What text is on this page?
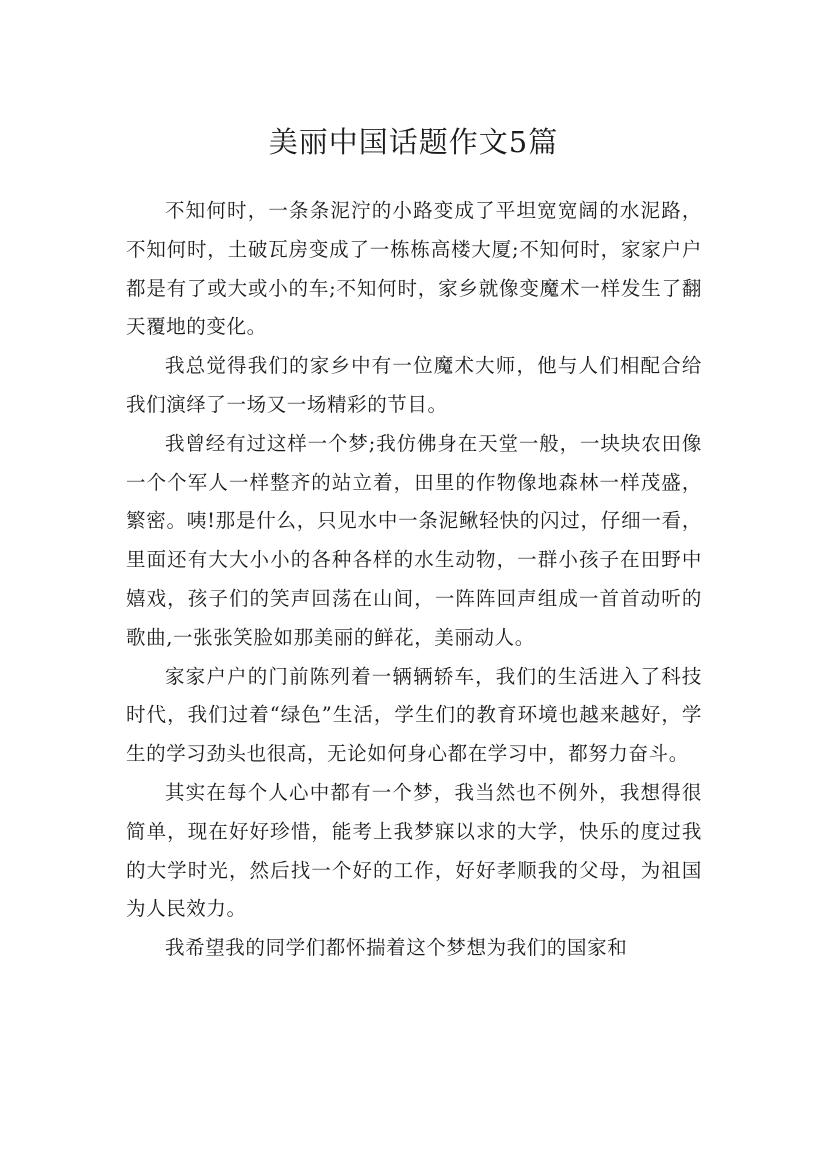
美丽中国话题作文5篇

不知何时，一条条泥泞的小路变成了平坦宽宽阔的水泥路，不知何时，土破瓦房变成了一栋栋高楼大厦;不知何时，家家户户都是有了或大或小的车;不知何时，家乡就像变魔术一样发生了翻天覆地的变化。

我总觉得我们的家乡中有一位魔术大师，他与人们相配合给我们演绎了一场又一场精彩的节目。

我曾经有过这样一个梦;我仿佛身在天堂一般，一块块农田像一个个军人一样整齐的站立着，田里的作物像地森林一样茂盛，繁密。咦!那是什么，只见水中一条泥鳅轻快的闪过，仔细一看，里面还有大大小小的各种各样的水生动物，一群小孩子在田野中嬉戏，孩子们的笑声回荡在山间，一阵阵回声组成一首首动听的歌曲,一张张笑脸如那美丽的鲜花，美丽动人。

家家户户的门前陈列着一辆辆轿车，我们的生活进入了科技时代，我们过着“绿色”生活，学生们的教育环境也越来越好，学生的学习劲头也很高，无论如何身心都在学习中，都努力奋斗。

其实在每个人心中都有一个梦，我当然也不例外，我想得很简单，现在好好珍惜，能考上我梦寐以求的大学，快乐的度过我的大学时光，然后找一个好的工作，好好孝顺我的父母，为祖国为人民效力。

我希望我的同学们都怀揣着这个梦想为我们的国家和
